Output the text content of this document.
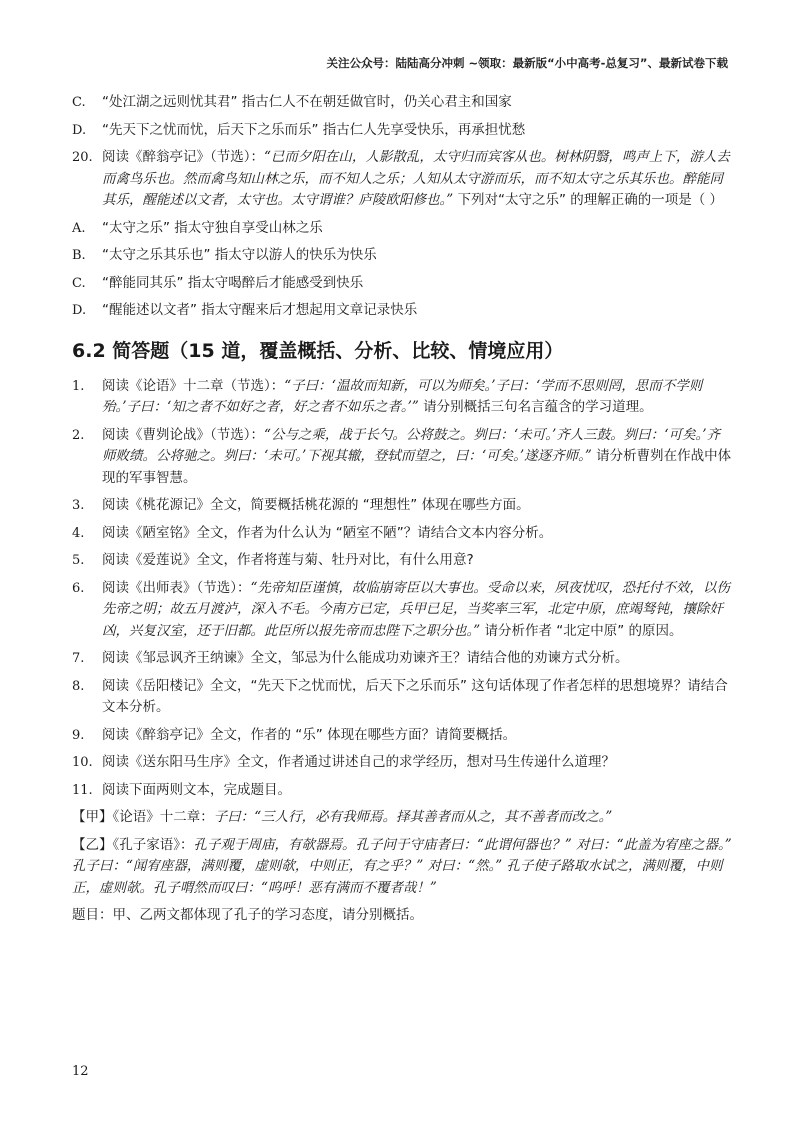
关注公众号：陆陆高分冲刺 ~领取：最新版“小中高考-总复习”、最新试卷下载
C.	“处江湖之远则忧其君” 指古仁人不在朝廷做官时，仍关心君主和国家
D.	“先天下之忧而忧，后天下之乐而乐” 指古仁人先享受快乐，再承担忧愁
20. 阅读《醉翁亭记》（节选）：“已而夕阳在山，人影散乱，太守归而宾客从也。树林阴翳，鸣声上下，游人去而禽鸟乐也。然而禽鸟知山林之乐，而不知人之乐；人知从太守游而乐，而不知太守之乐其乐也。醉能同其乐，醒能述以文者，太守也。太守谓谁？庐陵欧阳修也。” 下列对“太守之乐” 的理解正确的一项是（ ）
A.	“太守之乐” 指太守独自享受山林之乐
B.	“太守之乐其乐也” 指太守以游人的快乐为快乐
C.	“醉能同其乐” 指太守喝醉后才能感受到快乐
D.	“醒能述以文者” 指太守醒来后才想起用文章记录快乐
6.2 简答题（15 道，覆盖概括、分析、比较、情境应用）
1.	阅读《论语》十二章（节选）：“子曰：‘温故而知新，可以为师矣。’子曰：‘学而不思则罔，思而不学则殆。’子曰：‘知之者不如好之者，好之者不如乐之者。’” 请分别概括三句名言蕴含的学习道理。
2.	阅读《曹刿论战》（节选）：“公与之乘，战于长勺。公将鼓之。刿曰：‘未可。’齐人三鼓。刿曰：‘可矣。’齐师败绩。公将驰之。刿曰：‘未可。’下视其辙，登轼而望之，曰：‘可矣。’遂逐齐师。” 请分析曹刿在作战中体现的军事智慧。
3.	阅读《桃花源记》全文，简要概括桃花源的 “理想性” 体现在哪些方面。
4.	阅读《陋室铭》全文，作者为什么认为 “陋室不陋”？请结合文本内容分析。
5.	阅读《爱莲说》全文，作者将莲与菊、牡丹对比，有什么用意?
6.	阅读《出师表》（节选）：“先帝知臣谨慎，故临崩寄臣以大事也。受命以来，夙夜忧叹，恐托付不效，以伤先帝之明；故五月渡泸，深入不毛。今南方已定，兵甲已足，当奖率三军，北定中原，庶竭驽钝，攘除奸凶，兴复汉室，还于旧都。此臣所以报先帝而忠陛下之职分也。” 请分析作者 “北定中原” 的原因。
7.	阅读《邹忌讽齐王纳谏》全文，邹忌为什么能成功劝谏齐王？请结合他的劝谏方式分析。
8.	阅读《岳阳楼记》全文，“先天下之忧而忧，后天下之乐而乐” 这句话体现了作者怎样的思想境界？请结合文本分析。
9.	阅读《醉翁亭记》全文，作者的 “乐” 体现在哪些方面？请简要概括。
10. 阅读《送东阳马生序》全文，作者通过讲述自己的求学经历，想对马生传递什么道理？
11. 阅读下面两则文本，完成题目。
【甲】《论语》十二章：子曰：“三人行，必有我师焉。择其善者而从之，其不善者而改之。”
【乙】《孔子家语》：孔子观于周庙，有欹器焉。孔子问于守庙者曰：“此谓何器也？” 对曰：“此盖为宥座之器。” 孔子曰：“闻宥座器，满则覆，虚则欹，中则正，有之乎？” 对曰：“然。” 孔子使子路取水试之，满则覆，中则正，虚则欹。孔子喟然而叹曰：“呜呼！恶有满而不覆者哉！”
题目：甲、乙两文都体现了孔子的学习态度，请分别概括。
12
